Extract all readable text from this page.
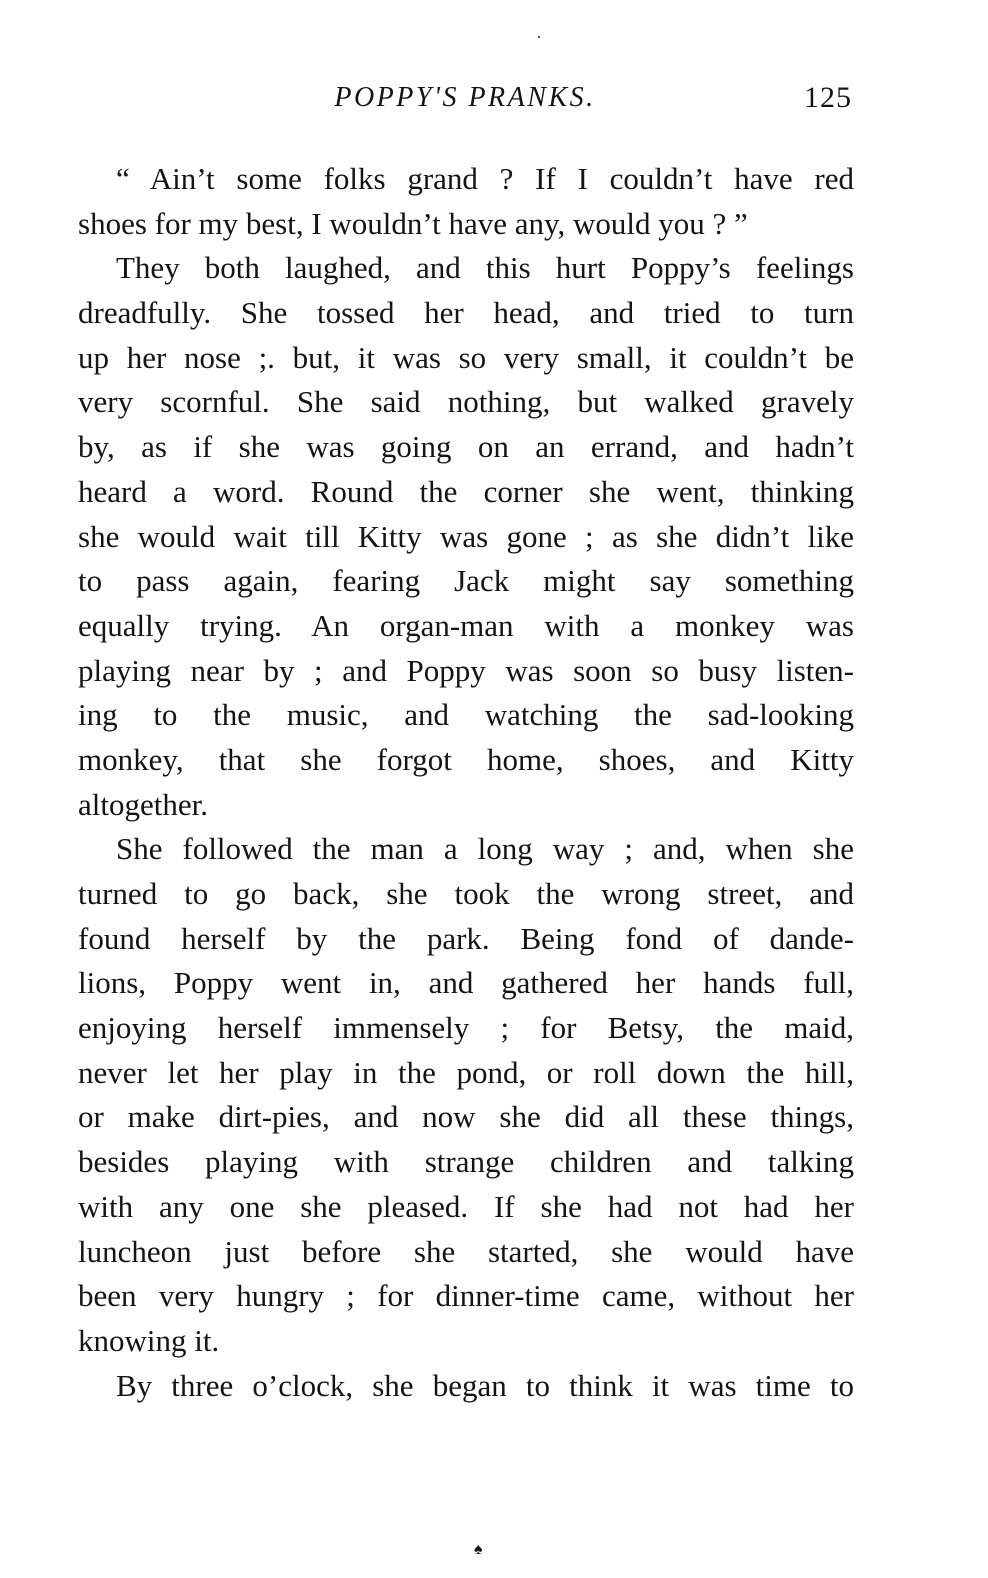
POPPY'S PRANKS.	125
“ Ain’t some folks grand ? If I couldn’t have red
shoes for my best, I wouldn’t have any, would you ? ”
They both laughed, and this hurt Poppy’s feelings
dreadfully. She tossed her head, and tried to turn
up her nose ;. but, it was so very small, it couldn’t be
very scornful. She said nothing, but walked gravely
by, as if she was going on an errand, and hadn’t
heard a word. Round the corner she went, thinking
she would wait till Kitty was gone ; as she didn’t like
to pass again, fearing Jack might say something
equally trying. An organ-man with a monkey was
playing near by ; and Poppy was soon so busy listen-
ing to the music, and watching the sad-looking
monkey, that she forgot home, shoes, and Kitty
altogether.
She followed the man a long way ; and, when she
turned to go back, she took the wrong street, and
found herself by the park. Being fond of dande-
lions, Poppy went in, and gathered her hands full,
enjoying herself immensely ; for Betsy, the maid,
never let her play in the pond, or roll down the hill,
or make dirt-pies, and now she did all these things,
besides playing with strange children and talking
with any one she pleased. If she had not had her
luncheon just before she started, she would have
been very hungry ; for dinner-time came, without her
knowing it.
By three o’clock, she began to think it was time to
♠
